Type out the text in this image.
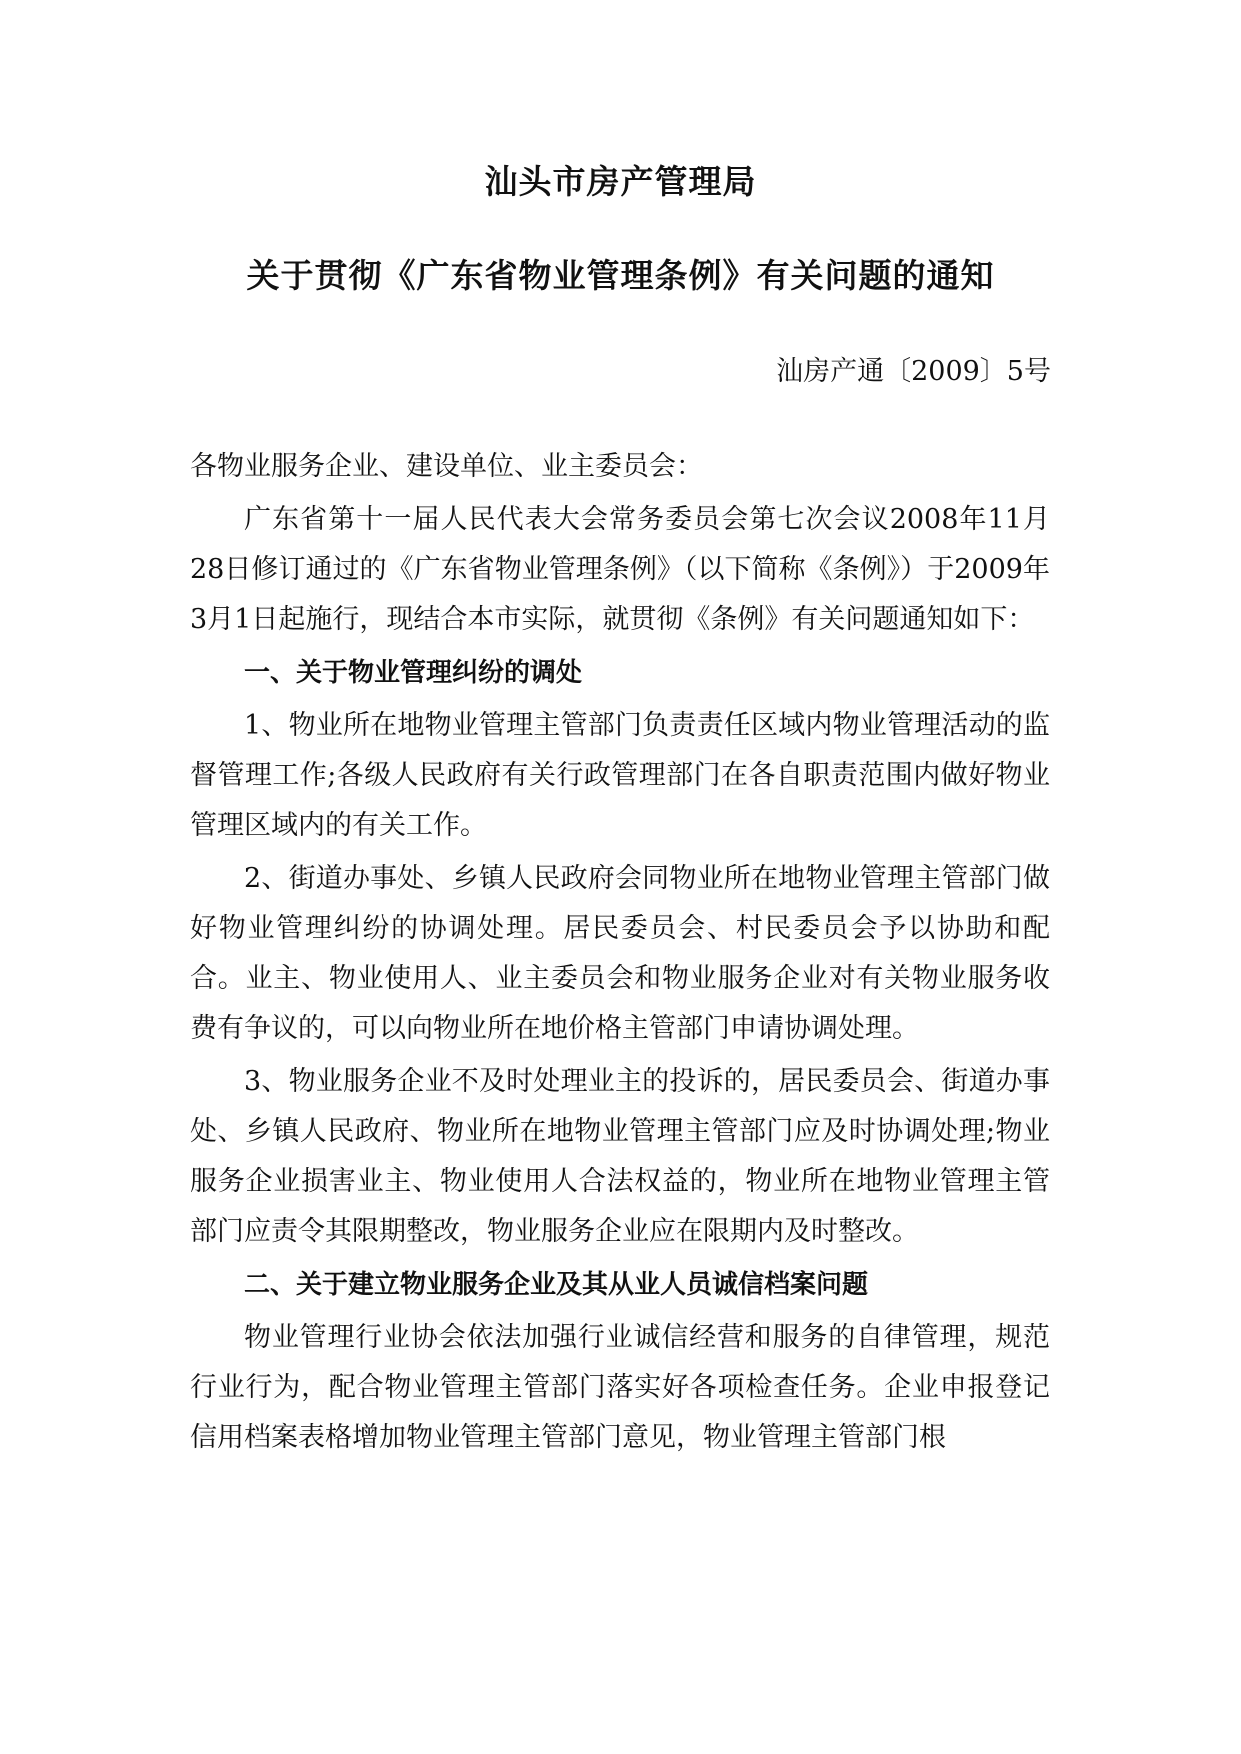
汕头市房产管理局
关于贯彻《广东省物业管理条例》有关问题的通知
汕房产通〔2009〕5号

各物业服务企业、建设单位、业主委员会：

广东省第十一届人民代表大会常务委员会第七次会议2008年11月28日修订通过的《广东省物业管理条例》（以下简称《条例》）于2009年3月1日起施行，现结合本市实际，就贯彻《条例》有关问题通知如下：

一、关于物业管理纠纷的调处

1、物业所在地物业管理主管部门负责责任区域内物业管理活动的监督管理工作;各级人民政府有关行政管理部门在各自职责范围内做好物业管理区域内的有关工作。

2、街道办事处、乡镇人民政府会同物业所在地物业管理主管部门做好物业管理纠纷的协调处理。居民委员会、村民委员会予以协助和配合。业主、物业使用人、业主委员会和物业服务企业对有关物业服务收费有争议的，可以向物业所在地价格主管部门申请协调处理。

3、物业服务企业不及时处理业主的投诉的，居民委员会、街道办事处、乡镇人民政府、物业所在地物业管理主管部门应及时协调处理;物业服务企业损害业主、物业使用人合法权益的，物业所在地物业管理主管部门应责令其限期整改，物业服务企业应在限期内及时整改。

二、关于建立物业服务企业及其从业人员诚信档案问题

物业管理行业协会依法加强行业诚信经营和服务的自律管理，规范行业行为，配合物业管理主管部门落实好各项检查任务。企业申报登记信用档案表格增加物业管理主管部门意见，物业管理主管部门根
